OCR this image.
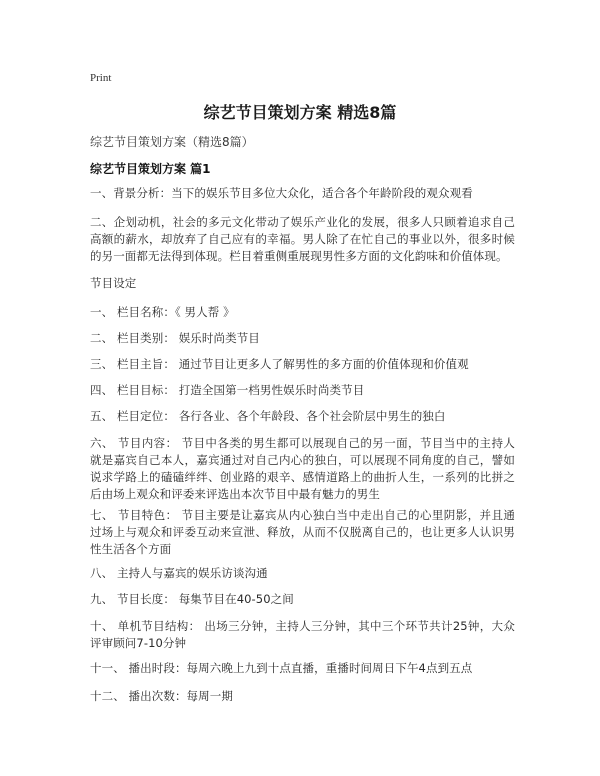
Print
综艺节目策划方案 精选8篇
综艺节目策划方案（精选8篇）
综艺节目策划方案 篇1

一、背景分析：当下的娱乐节目多位大众化，适合各个年龄阶段的观众观看

二、企划动机，社会的多元文化带动了娱乐产业化的发展，很多人只顾着追求自己高额的薪水，却放弃了自己应有的幸福。男人除了在忙自己的事业以外，很多时候的另一面都无法得到体现。栏目着重侧重展现男性多方面的文化韵味和价值体现。

节目设定

一、 栏目名称：《 男人帮 》

二、 栏目类别： 娱乐时尚类节目

三、 栏目主旨： 通过节目让更多人了解男性的多方面的价值体现和价值观

四、 栏目目标： 打造全国第一档男性娱乐时尚类节目

五、 栏目定位： 各行各业、各个年龄段、各个社会阶层中男生的独白

六、 节目内容： 节目中各类的男生都可以展现自己的另一面，节目当中的主持人就是嘉宾自己本人，嘉宾通过对自己内心的独白，可以展现不同角度的自己，譬如说求学路上的磕磕绊绊、创业路的艰辛、感情道路上的曲折人生，一系列的比拼之后由场上观众和评委来评选出本次节目中最有魅力的男生

七、 节目特色： 节目主要是让嘉宾从内心独白当中走出自己的心里阴影，并且通过场上与观众和评委互动来宣泄、释放，从而不仅脱离自己的，也让更多人认识男性生活各个方面

八、 主持人与嘉宾的娱乐访谈沟通

九、 节目长度： 每集节目在40-50之间

十、 单机节目结构： 出场三分钟，主持人三分钟，其中三个环节共计25钟，大众评审顾问7-10分钟

十一、 播出时段：每周六晚上九到十点直播，重播时间周日下午4点到五点

十二、 播出次数：每周一期
